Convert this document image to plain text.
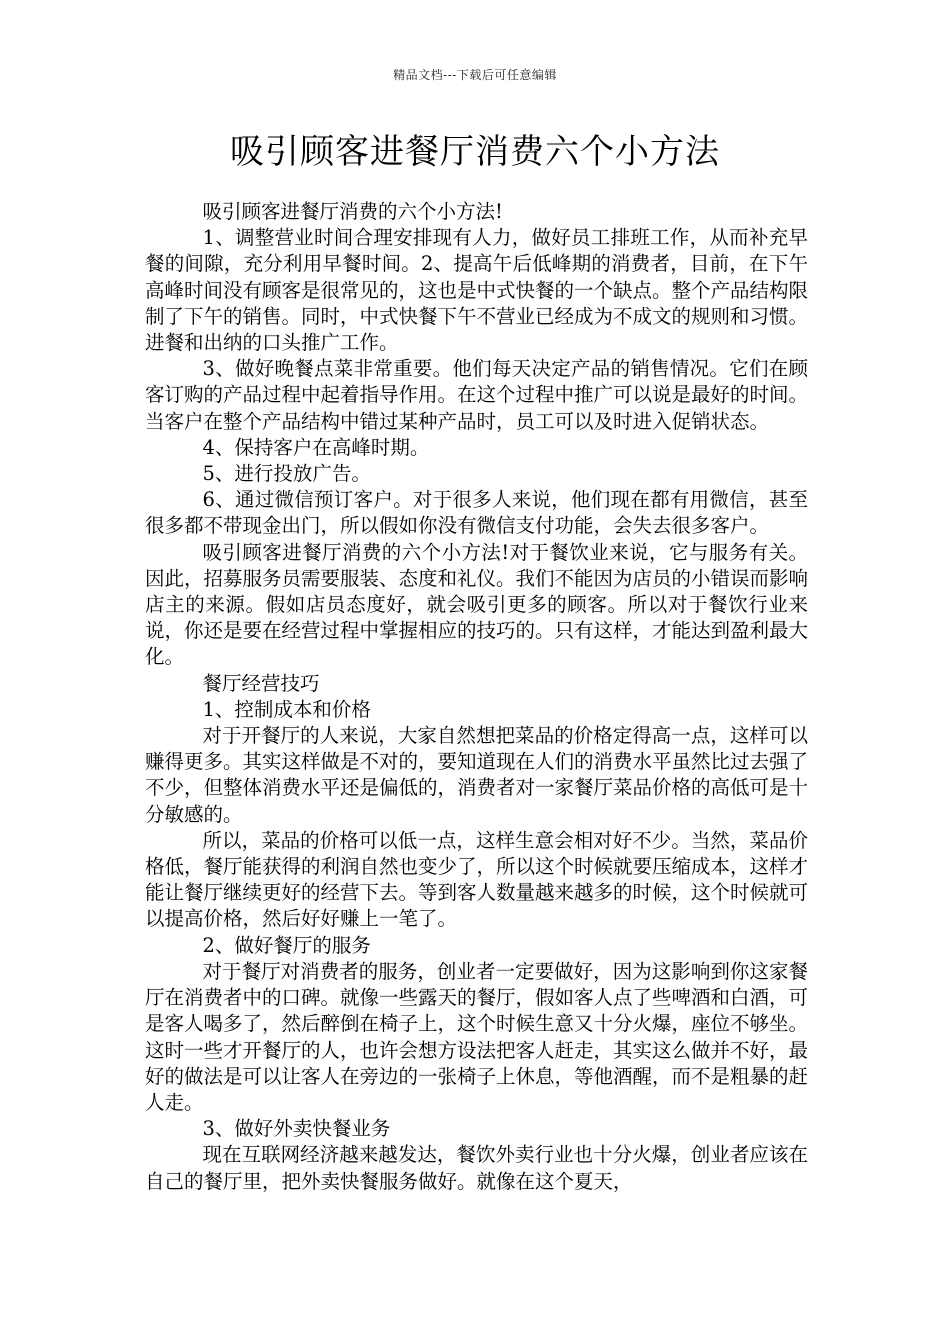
精品文档---下载后可任意编辑
吸引顾客进餐厅消费六个小方法

吸引顾客进餐厅消费的六个小方法!

1、调整营业时间合理安排现有人力，做好员工排班工作，从而补充早餐的间隙，充分利用早餐时间。2、提高午后低峰期的消费者，目前，在下午高峰时间没有顾客是很常见的，这也是中式快餐的一个缺点。整个产品结构限制了下午的销售。同时，中式快餐下午不营业已经成为不成文的规则和习惯。进餐和出纳的口头推广工作。

3、做好晚餐点菜非常重要。他们每天决定产品的销售情况。它们在顾客订购的产品过程中起着指导作用。在这个过程中推广可以说是最好的时间。当客户在整个产品结构中错过某种产品时，员工可以及时进入促销状态。

4、保持客户在高峰时期。

5、进行投放广告。

6、通过微信预订客户。对于很多人来说，他们现在都有用微信，甚至很多都不带现金出门，所以假如你没有微信支付功能，会失去很多客户。

吸引顾客进餐厅消费的六个小方法!对于餐饮业来说，它与服务有关。因此，招募服务员需要服装、态度和礼仪。我们不能因为店员的小错误而影响店主的来源。假如店员态度好，就会吸引更多的顾客。所以对于餐饮行业来说，你还是要在经营过程中掌握相应的技巧的。只有这样，才能达到盈利最大化。

餐厅经营技巧

1、控制成本和价格

对于开餐厅的人来说，大家自然想把菜品的价格定得高一点，这样可以赚得更多。其实这样做是不对的，要知道现在人们的消费水平虽然比过去强了不少，但整体消费水平还是偏低的，消费者对一家餐厅菜品价格的高低可是十分敏感的。

所以，菜品的价格可以低一点，这样生意会相对好不少。当然，菜品价格低，餐厅能获得的利润自然也变少了，所以这个时候就要压缩成本，这样才能让餐厅继续更好的经营下去。等到客人数量越来越多的时候，这个时候就可以提高价格，然后好好赚上一笔了。

2、做好餐厅的服务

对于餐厅对消费者的服务，创业者一定要做好，因为这影响到你这家餐厅在消费者中的口碑。就像一些露天的餐厅，假如客人点了些啤酒和白酒，可是客人喝多了，然后醉倒在椅子上，这个时候生意又十分火爆，座位不够坐。这时一些才开餐厅的人，也许会想方设法把客人赶走，其实这么做并不好，最好的做法是可以让客人在旁边的一张椅子上休息，等他酒醒，而不是粗暴的赶人走。

3、做好外卖快餐业务

现在互联网经济越来越发达，餐饮外卖行业也十分火爆，创业者应该在自己的餐厅里，把外卖快餐服务做好。就像在这个夏天，
